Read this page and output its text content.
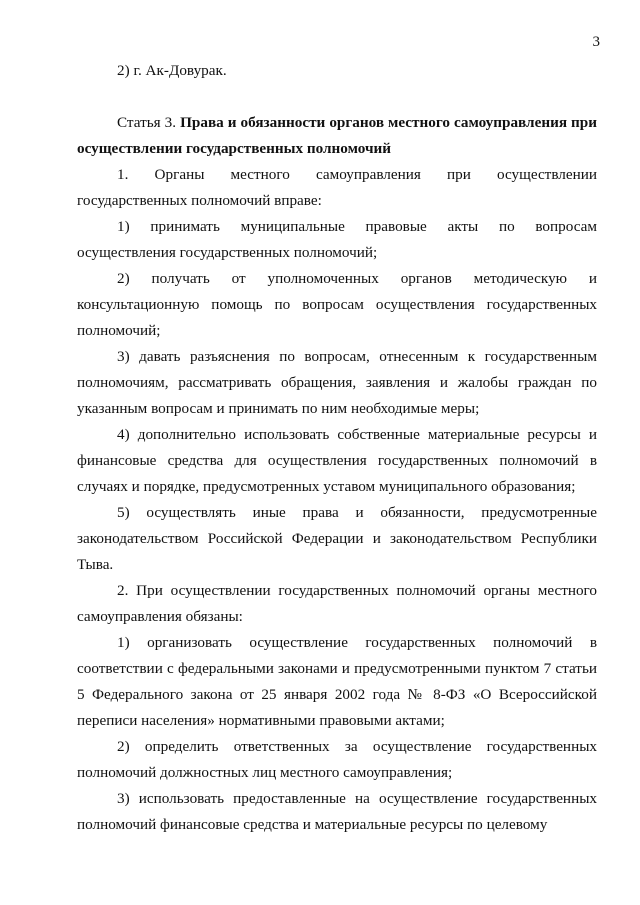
3

2) г. Ак-Довурак.

Статья 3. Права и обязанности органов местного самоуправления при осуществлении государственных полномочий

1. Органы местного самоуправления при осуществлении государственных полномочий вправе:

1) принимать муниципальные правовые акты по вопросам осуществления государственных полномочий;

2) получать от уполномоченных органов методическую и консультационную помощь по вопросам осуществления государственных полномочий;

3) давать разъяснения по вопросам, отнесенным к государственным полномочиям, рассматривать обращения, заявления и жалобы граждан по указанным вопросам и принимать по ним необходимые меры;

4) дополнительно использовать собственные материальные ресурсы и финансовые средства для осуществления государственных полномочий в случаях и порядке, предусмотренных уставом муниципального образования;

5) осуществлять иные права и обязанности, предусмотренные законодательством Российской Федерации и законодательством Республики Тыва.

2. При осуществлении государственных полномочий органы местного самоуправления обязаны:

1) организовать осуществление государственных полномочий в соответствии с федеральными законами и предусмотренными пунктом 7 статьи 5 Федерального закона от 25 января 2002 года № 8-ФЗ «О Всероссийской переписи населения» нормативными правовыми актами;

2) определить ответственных за осуществление государственных полномочий должностных лиц местного самоуправления;

3) использовать предоставленные на осуществление государственных полномочий финансовые средства и материальные ресурсы по целевому
